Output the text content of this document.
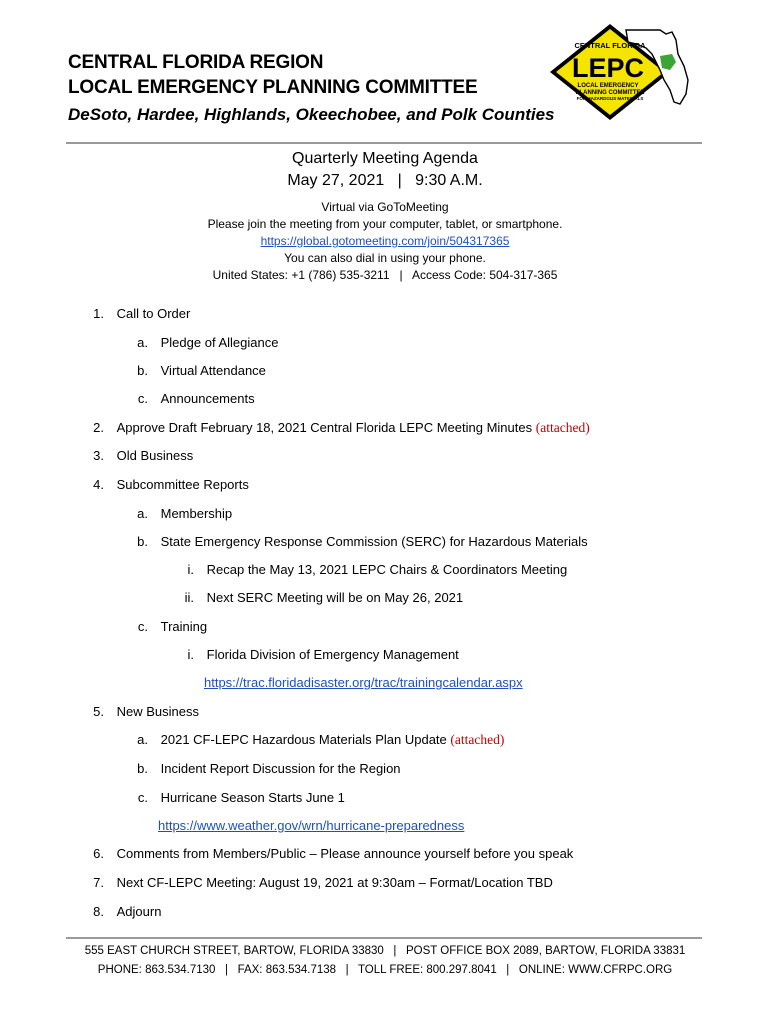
CENTRAL FLORIDA REGION
LOCAL EMERGENCY PLANNING COMMITTEE
DeSoto, Hardee, Highlands, Okeechobee, and Polk Counties
CENTRAL FLORIDA
LEPC
LOCAL EMERGENCY
PLANNING COMMITTEE
FOR HAZARDOUS MATERIALS
Quarterly Meeting Agenda
May 27, 2021   |   9:30 A.M.
Virtual via GoToMeeting
Please join the meeting from your computer, tablet, or smartphone.
https://global.gotomeeting.com/join/504317365
You can also dial in using your phone.
United States: +1 (786) 535-3211   |   Access Code: 504-317-365
1. Call to Order
a. Pledge of Allegiance
b. Virtual Attendance
c. Announcements
2. Approve Draft February 18, 2021 Central Florida LEPC Meeting Minutes (attached)
3. Old Business
4. Subcommittee Reports
a. Membership
b. State Emergency Response Commission (SERC) for Hazardous Materials
i. Recap the May 13, 2021 LEPC Chairs & Coordinators Meeting
ii. Next SERC Meeting will be on May 26, 2021
c. Training
i. Florida Division of Emergency Management
https://trac.floridadisaster.org/trac/trainingcalendar.aspx
5. New Business
a. 2021 CF-LEPC Hazardous Materials Plan Update (attached)
b. Incident Report Discussion for the Region
c. Hurricane Season Starts June 1
https://www.weather.gov/wrn/hurricane-preparedness
6. Comments from Members/Public – Please announce yourself before you speak
7. Next CF-LEPC Meeting: August 19, 2021 at 9:30am – Format/Location TBD
8. Adjourn
555 EAST CHURCH STREET, BARTOW, FLORIDA 33830   |   POST OFFICE BOX 2089, BARTOW, FLORIDA 33831
PHONE: 863.534.7130   |   FAX: 863.534.7138   |   TOLL FREE: 800.297.8041   |   ONLINE: WWW.CFRPC.ORG
